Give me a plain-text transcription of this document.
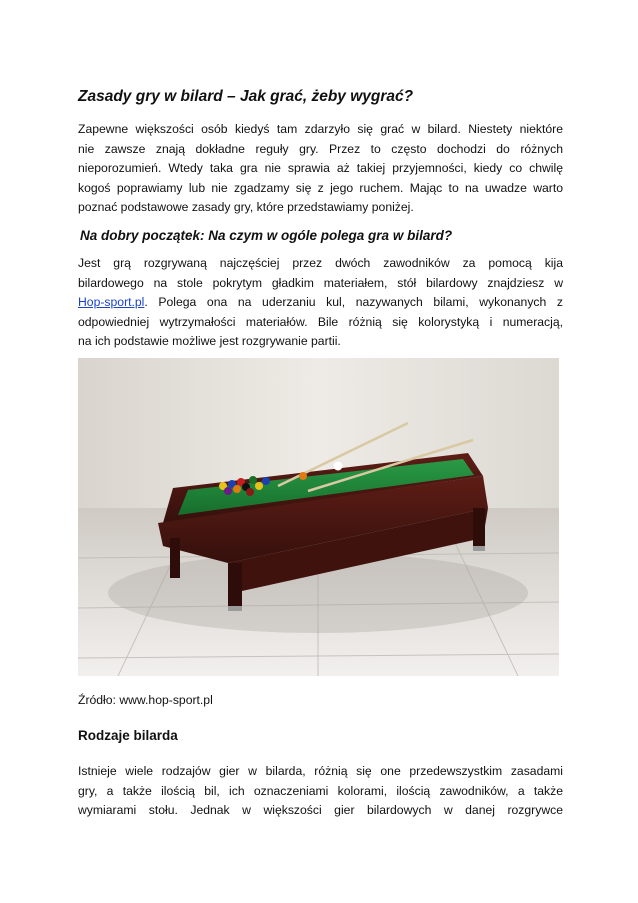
Zasady gry w bilard – Jak grać, żeby wygrać?
Zapewne większości osób kiedyś tam zdarzyło się grać w bilard. Niestety niektóre
nie zawsze znają dokładne reguły gry. Przez to często dochodzi do różnych
nieporozumień. Wtedy taka gra nie sprawia aż takiej przyjemności, kiedy co chwilę
kogoś poprawiamy lub nie zgadzamy się z jego ruchem. Mając to na uwadze warto
poznać podstawowe zasady gry, które przedstawiamy poniżej.
Na dobry początek: Na czym w ogóle polega gra w bilard?
Jest grą rozgrywaną najczęściej przez dwóch zawodników za pomocą kija
bilardowego na stole pokrytym gładkim materiałem, stół bilardowy znajdziesz w
Hop-sport.pl. Polega ona na uderzaniu kul, nazywanych bilami, wykonanych z
odpowiedniej wytrzymałości materiałów. Bile różnią się kolorystyką i numeracją,
na ich podstawie możliwe jest rozgrywanie partii.
Źródło: www.hop-sport.pl
Rodzaje bilarda
Istnieje wiele rodzajów gier w bilarda, różnią się one przedewszystkim zasadami
gry, a także ilością bil, ich oznaczeniami kolorami, ilością zawodników, a także
wymiarami stołu. Jednak w większości gier bilardowych w danej rozgrywce
